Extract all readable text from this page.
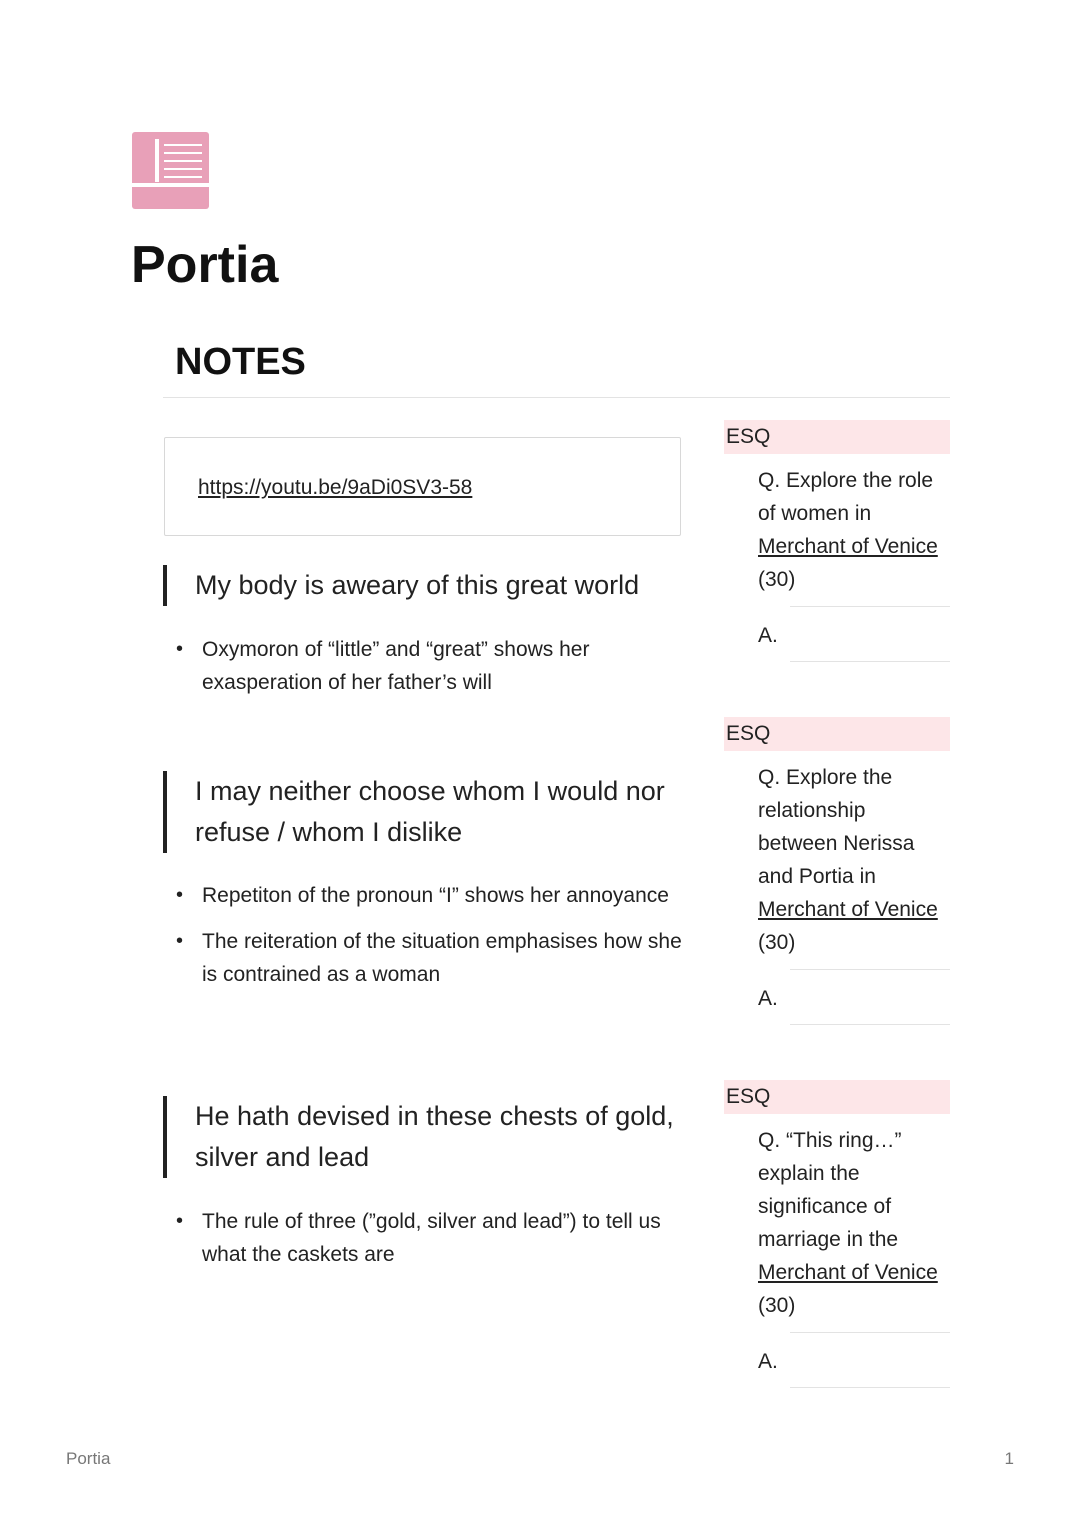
Portia
NOTES
https://youtu.be/9aDi0SV3-58

My body is aweary of this great world

• Oxymoron of “little” and “great” shows her exasperation of her father’s will

I may neither choose whom I would nor refuse / whom I dislike

• Repetiton of the pronoun “I” shows her annoyance
• The reiteration of the situation emphasises how she is contrained as a woman

He hath devised in these chests of gold, silver and lead

• The rule of three (”gold, silver and lead”) to tell us what the caskets are
ESQ
Q. Explore the role of women in
Merchant of Venice
(30)
A.
ESQ
Q. Explore the relationship between Nerissa and Portia in
Merchant of Venice
(30)
A.
ESQ
Q. “This ring…” explain the significance of marriage in the
Merchant of Venice
(30)
A.
Portia	1
